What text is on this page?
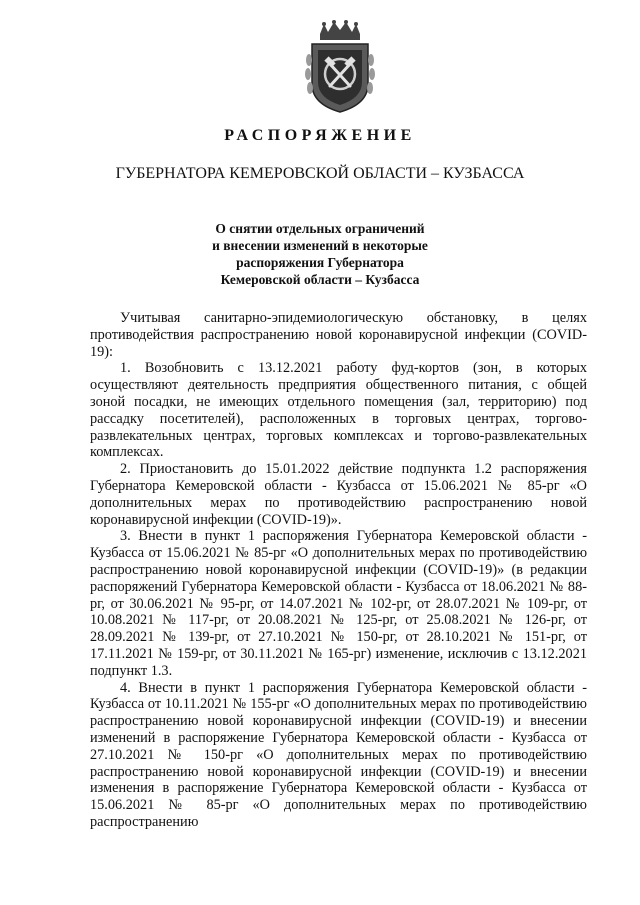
РАСПОРЯЖЕНИЕ
ГУБЕРНАТОРА КЕМЕРОВСКОЙ ОБЛАСТИ – КУЗБАССА
О снятии отдельных ограничений
и внесении изменений в некоторые
распоряжения Губернатора
Кемеровской области – Кузбасса

Учитывая санитарно-эпидемиологическую обстановку, в целях противодействия распространению новой коронавирусной инфекции (COVID-19):

1. Возобновить с 13.12.2021 работу фуд-кортов (зон, в которых осуществляют деятельность предприятия общественного питания, с общей зоной посадки, не имеющих отдельного помещения (зал, территорию) под рассадку посетителей), расположенных в торговых центрах, торгово-развлекательных центрах, торговых комплексах и торгово-развлекательных комплексах.

2. Приостановить до 15.01.2022 действие подпункта 1.2 распоряжения Губернатора Кемеровской области - Кузбасса от 15.06.2021 № 85-рг «О дополнительных мерах по противодействию распространению новой коронавирусной инфекции (COVID-19)».

3. Внести в пункт 1 распоряжения Губернатора Кемеровской области - Кузбасса от 15.06.2021 № 85-рг «О дополнительных мерах по противодействию распространению новой коронавирусной инфекции (COVID-19)» (в редакции распоряжений Губернатора Кемеровской области - Кузбасса от 18.06.2021 № 88-рг, от 30.06.2021 № 95-рг, от 14.07.2021 № 102-рг, от 28.07.2021 № 109-рг, от 10.08.2021 № 117-рг, от 20.08.2021 № 125-рг, от 25.08.2021 № 126-рг, от 28.09.2021 № 139-рг, от 27.10.2021 № 150-рг, от 28.10.2021 № 151-рг, от 17.11.2021 № 159-рг, от 30.11.2021 № 165-рг) изменение, исключив с 13.12.2021 подпункт 1.3.

4. Внести в пункт 1 распоряжения Губернатора Кемеровской области - Кузбасса от 10.11.2021 № 155-рг «О дополнительных мерах по противодействию распространению новой коронавирусной инфекции (COVID-19) и внесении изменений в распоряжение Губернатора Кемеровской области - Кузбасса от 27.10.2021 № 150-рг «О дополнительных мерах по противодействию распространению новой коронавирусной инфекции (COVID-19) и внесении изменения в распоряжение Губернатора Кемеровской области - Кузбасса от 15.06.2021 № 85-рг «О дополнительных мерах по противодействию распространению
